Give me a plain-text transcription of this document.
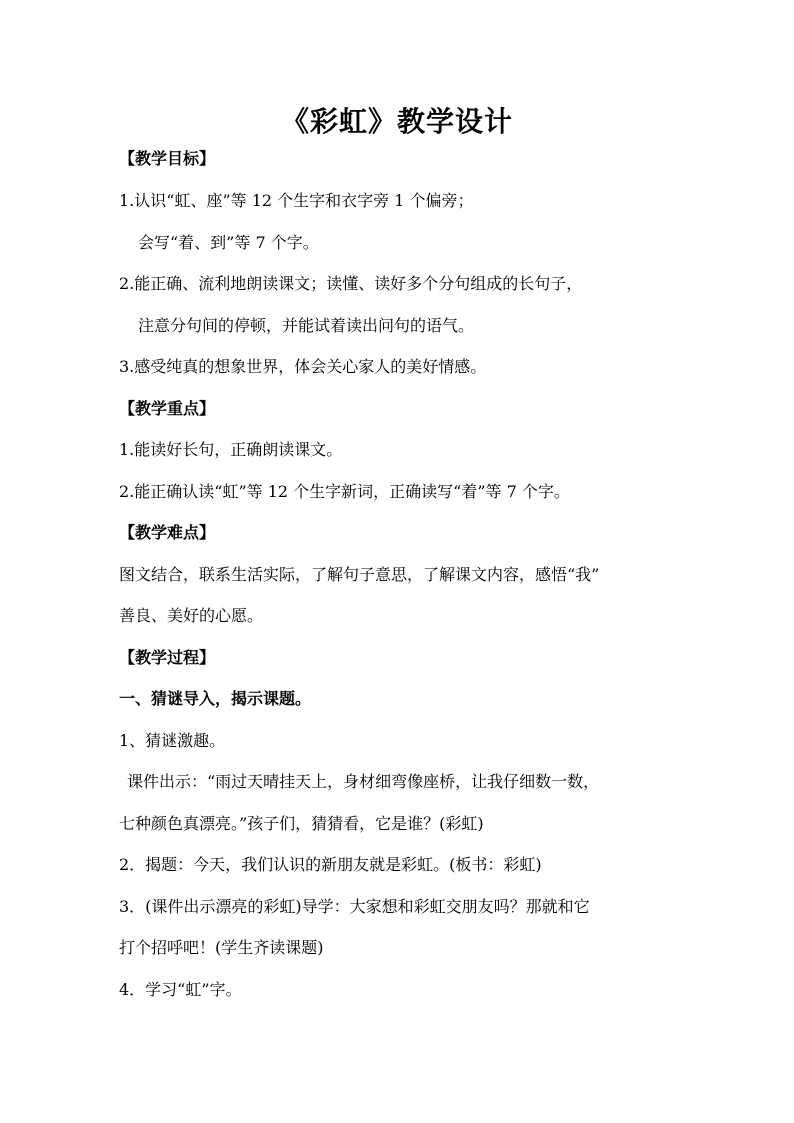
《彩虹》教学设计
【教学目标】
1.认识“虹、座”等 12 个生字和衣字旁 1 个偏旁；
会写“着、到”等 7 个字。
2.能正确、流利地朗读课文；读懂、读好多个分句组成的长句子，
注意分句间的停顿，并能试着读出问句的语气。
3.感受纯真的想象世界，体会关心家人的美好情感。
【教学重点】
1.能读好长句，正确朗读课文。
2.能正确认读“虹”等 12 个生字新词，正确读写“着”等 7 个字。
【教学难点】
图文结合，联系生活实际，了解句子意思，了解课文内容，感悟“我”
善良、美好的心愿。
【教学过程】
一、猜谜导入，揭示课题。
1、猜谜激趣。
课件出示：“雨过天晴挂天上，身材细弯像座桥，让我仔细数一数，
七种颜色真漂亮。”孩子们，猜猜看，它是谁？(彩虹)
2．揭题：今天，我们认识的新朋友就是彩虹。(板书：彩虹)
3．(课件出示漂亮的彩虹)导学：大家想和彩虹交朋友吗？那就和它
打个招呼吧！(学生齐读课题)
4．学习“虹”字。
